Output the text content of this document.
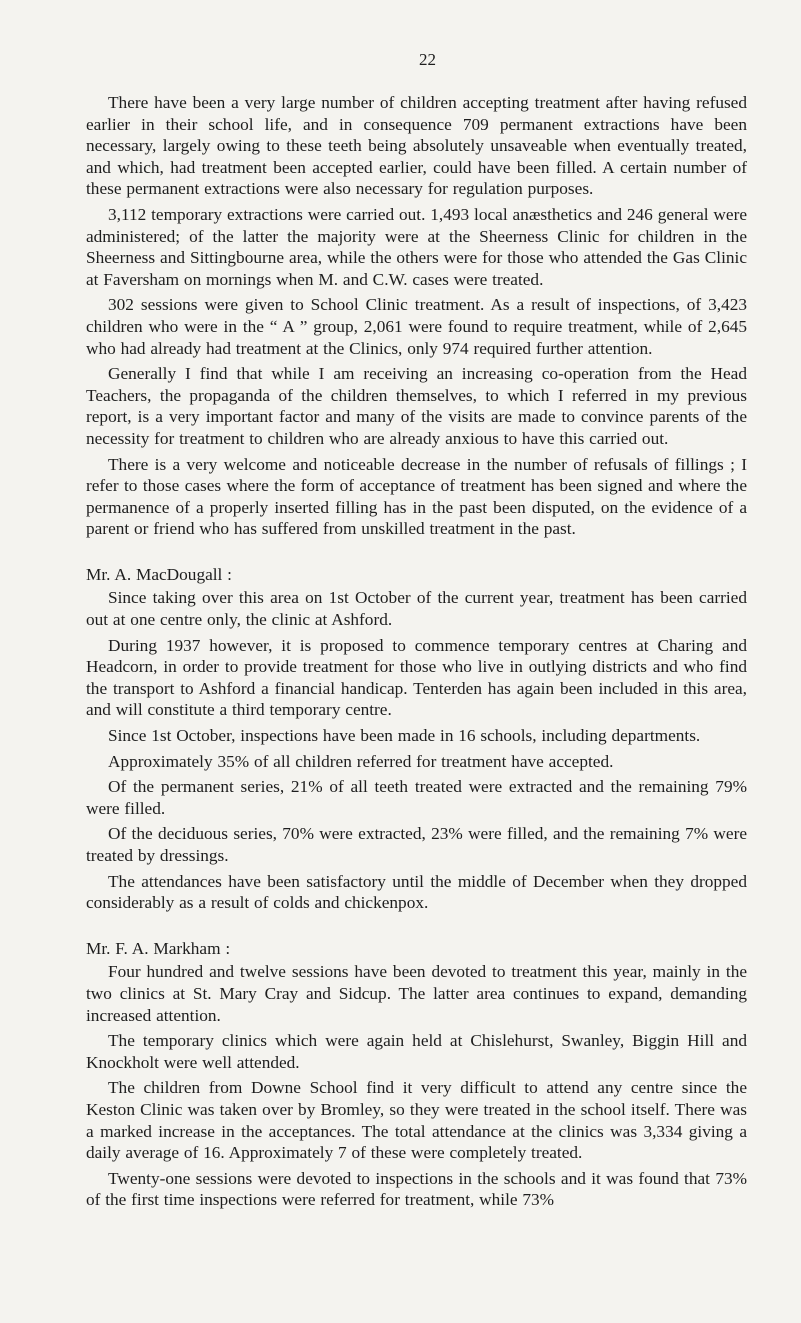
22

There have been a very large number of children accepting treatment after having refused earlier in their school life, and in consequence 709 permanent extractions have been necessary, largely owing to these teeth being absolutely unsaveable when eventually treated, and which, had treatment been accepted earlier, could have been filled. A certain number of these permanent extractions were also necessary for regulation purposes.

3,112 temporary extractions were carried out. 1,493 local anæsthetics and 246 general were administered; of the latter the majority were at the Sheerness Clinic for children in the Sheerness and Sittingbourne area, while the others were for those who attended the Gas Clinic at Faversham on mornings when M. and C.W. cases were treated.

302 sessions were given to School Clinic treatment. As a result of inspections, of 3,423 children who were in the “ A ” group, 2,061 were found to require treatment, while of 2,645 who had already had treatment at the Clinics, only 974 required further attention.

Generally I find that while I am receiving an increasing co-operation from the Head Teachers, the propaganda of the children themselves, to which I referred in my previous report, is a very important factor and many of the visits are made to convince parents of the necessity for treatment to children who are already anxious to have this carried out.

There is a very welcome and noticeable decrease in the number of refusals of fillings ; I refer to those cases where the form of acceptance of treatment has been signed and where the permanence of a properly inserted filling has in the past been disputed, on the evidence of a parent or friend who has suffered from unskilled treatment in the past.

Mr. A. MacDougall :

Since taking over this area on 1st October of the current year, treatment has been carried out at one centre only, the clinic at Ashford.

During 1937 however, it is proposed to commence temporary centres at Charing and Headcorn, in order to provide treatment for those who live in outlying districts and who find the transport to Ashford a financial handicap. Tenterden has again been included in this area, and will constitute a third temporary centre.

Since 1st October, inspections have been made in 16 schools, including departments.

Approximately 35% of all children referred for treatment have accepted.

Of the permanent series, 21% of all teeth treated were extracted and the remaining 79% were filled.

Of the deciduous series, 70% were extracted, 23% were filled, and the remaining 7% were treated by dressings.

The attendances have been satisfactory until the middle of December when they dropped considerably as a result of colds and chickenpox.

Mr. F. A. Markham :

Four hundred and twelve sessions have been devoted to treatment this year, mainly in the two clinics at St. Mary Cray and Sidcup. The latter area continues to expand, demanding increased attention.

The temporary clinics which were again held at Chislehurst, Swanley, Biggin Hill and Knockholt were well attended.

The children from Downe School find it very difficult to attend any centre since the Keston Clinic was taken over by Bromley, so they were treated in the school itself. There was a marked increase in the acceptances. The total attendance at the clinics was 3,334 giving a daily average of 16. Approximately 7 of these were completely treated.

Twenty-one sessions were devoted to inspections in the schools and it was found that 73% of the first time inspections were referred for treatment, while 73%
